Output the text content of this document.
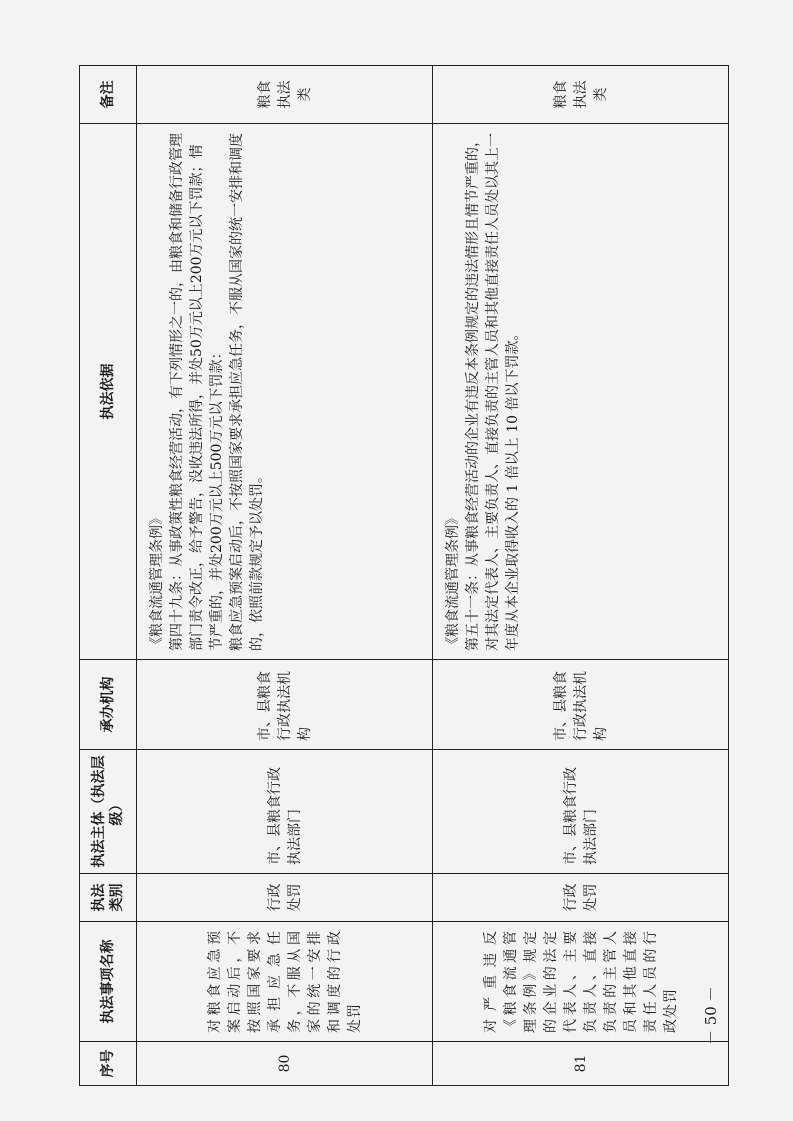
序号	执法事项名称	执法类别	执法主体（执法层级）	承办机构	执法依据	备注
80	对粮食应急预案启动后，不按照国家要求承担应急任务，不服从国家的统一安排和调度的行政处罚	行政处罚	市、县粮食行政执法部门	市、县粮食行政执法机构	《粮食流通管理条例》 第四十九条：从事政策性粮食经营活动，有下列情形之一的，由粮食和储备行政管理部门责令改正，给予警告，没收违法所得，并处50万元以上200万元以下罚款；情节严重的，并处200万元以上500万元以下罚款： 粮食应急预案启动后，不按照国家要求承担应急任务，不服从国家的统一安排和调度的，依照前款规定予以处罚。	粮食执法类
81	对严重违反《粮食流通管理条例》规定的企业的法定代表人、主要负责人、直接负责的主管人员和其他直接责任人员的行政处罚	行政处罚	市、县粮食行政执法部门	市、县粮食行政执法机构	《粮食流通管理条例》 第五十一条：从事粮食经营活动的企业有违反本条例规定的违法情形且情节严重的，对其法定代表人、主要负责人、直接负责的主管人员和其他直接责任人员处以其上一年度从本企业取得收入的 1 倍以上 10 倍以下罚款。	粮食执法类
－ 50 －
